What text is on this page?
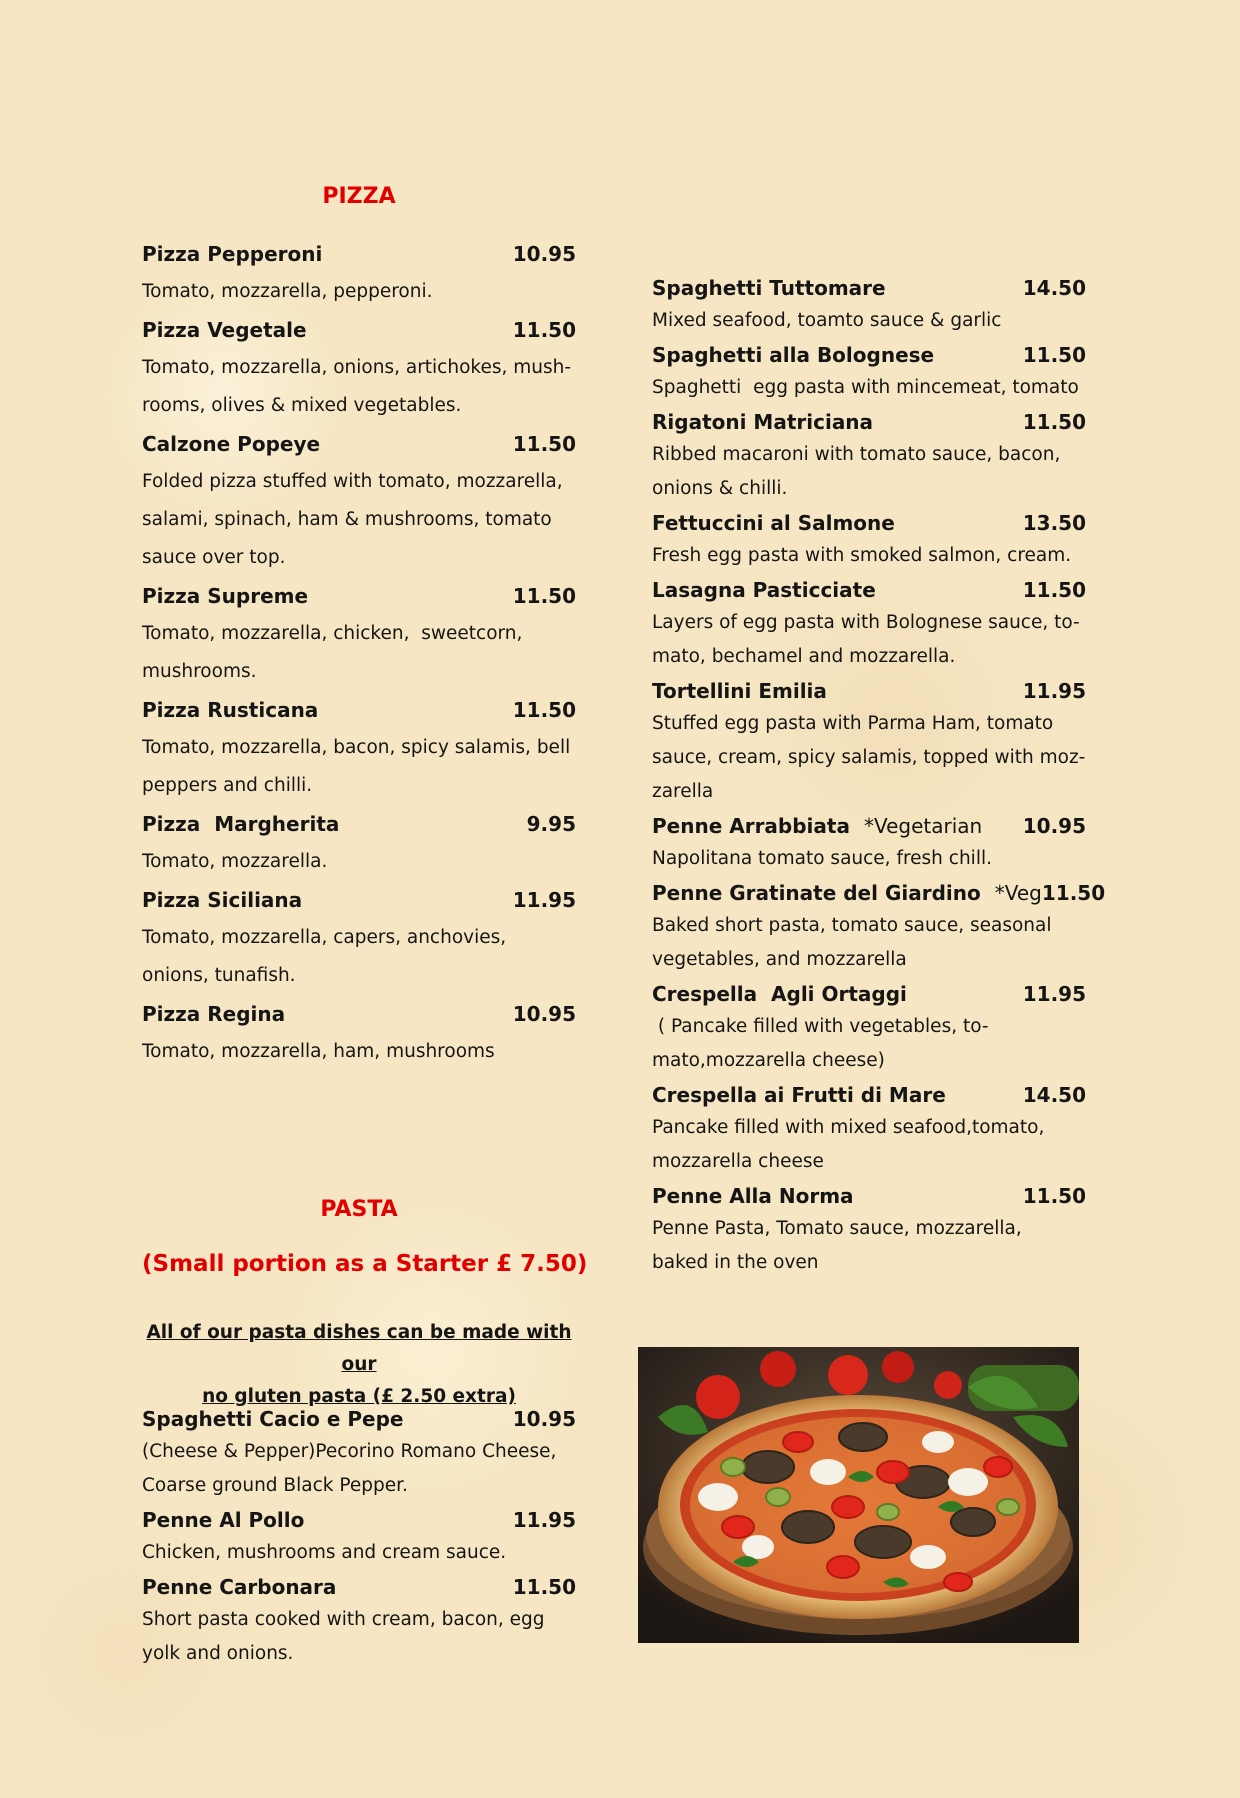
PIZZA
Pizza Pepperoni	10.95
Tomato, mozzarella, pepperoni.
Pizza Vegetale	11.50
Tomato, mozzarella, onions, artichokes, mush-
rooms, olives & mixed vegetables.
Calzone Popeye	11.50
Folded pizza stuffed with tomato, mozzarella,
salami, spinach, ham & mushrooms, tomato
sauce over top.
Pizza Supreme	11.50
Tomato, mozzarella, chicken,  sweetcorn,
mushrooms.
Pizza Rusticana	11.50
Tomato, mozzarella, bacon, spicy salamis, bell
peppers and chilli.
Pizza  Margherita	9.95
Tomato, mozzarella.
Pizza Siciliana	11.95
Tomato, mozzarella, capers, anchovies,
onions, tunafish.
Pizza Regina	10.95
Tomato, mozzarella, ham, mushrooms
PASTA
(Small portion as a Starter £ 7.50)
All of our pasta dishes can be made with our
no gluten pasta (£ 2.50 extra)
Spaghetti Cacio e Pepe	10.95
(Cheese & Pepper)Pecorino Romano Cheese,
Coarse ground Black Pepper.
Penne Al Pollo	11.95
Chicken, mushrooms and cream sauce.
Penne Carbonara	11.50
Short pasta cooked with cream, bacon, egg
yolk and onions.
Spaghetti Tuttomare	14.50
Mixed seafood, toamto sauce & garlic
Spaghetti alla Bolognese	11.50
Spaghetti  egg pasta with mincemeat, tomato
Rigatoni Matriciana	11.50
Ribbed macaroni with tomato sauce, bacon,
onions & chilli.
Fettuccini al Salmone	13.50
Fresh egg pasta with smoked salmon, cream.
Lasagna Pasticciate	11.50
Layers of egg pasta with Bolognese sauce, to-
mato, bechamel and mozzarella.
Tortellini Emilia	11.95
Stuffed egg pasta with Parma Ham, tomato
sauce, cream, spicy salamis, topped with moz-
zarella
Penne Arrabbiata *Vegetarian 10.95
Napolitana tomato sauce, fresh chill.
Penne Gratinate del Giardino *Veg 11.50
Baked short pasta, tomato sauce, seasonal
vegetables, and mozzarella
Crespella  Agli Ortaggi	11.95
( Pancake filled with vegetables, to-
mato,mozzarella cheese)
Crespella ai Frutti di Mare	14.50
Pancake filled with mixed seafood,tomato,
mozzarella cheese
Penne Alla Norma	11.50
Penne Pasta, Tomato sauce, mozzarella,
baked in the oven
